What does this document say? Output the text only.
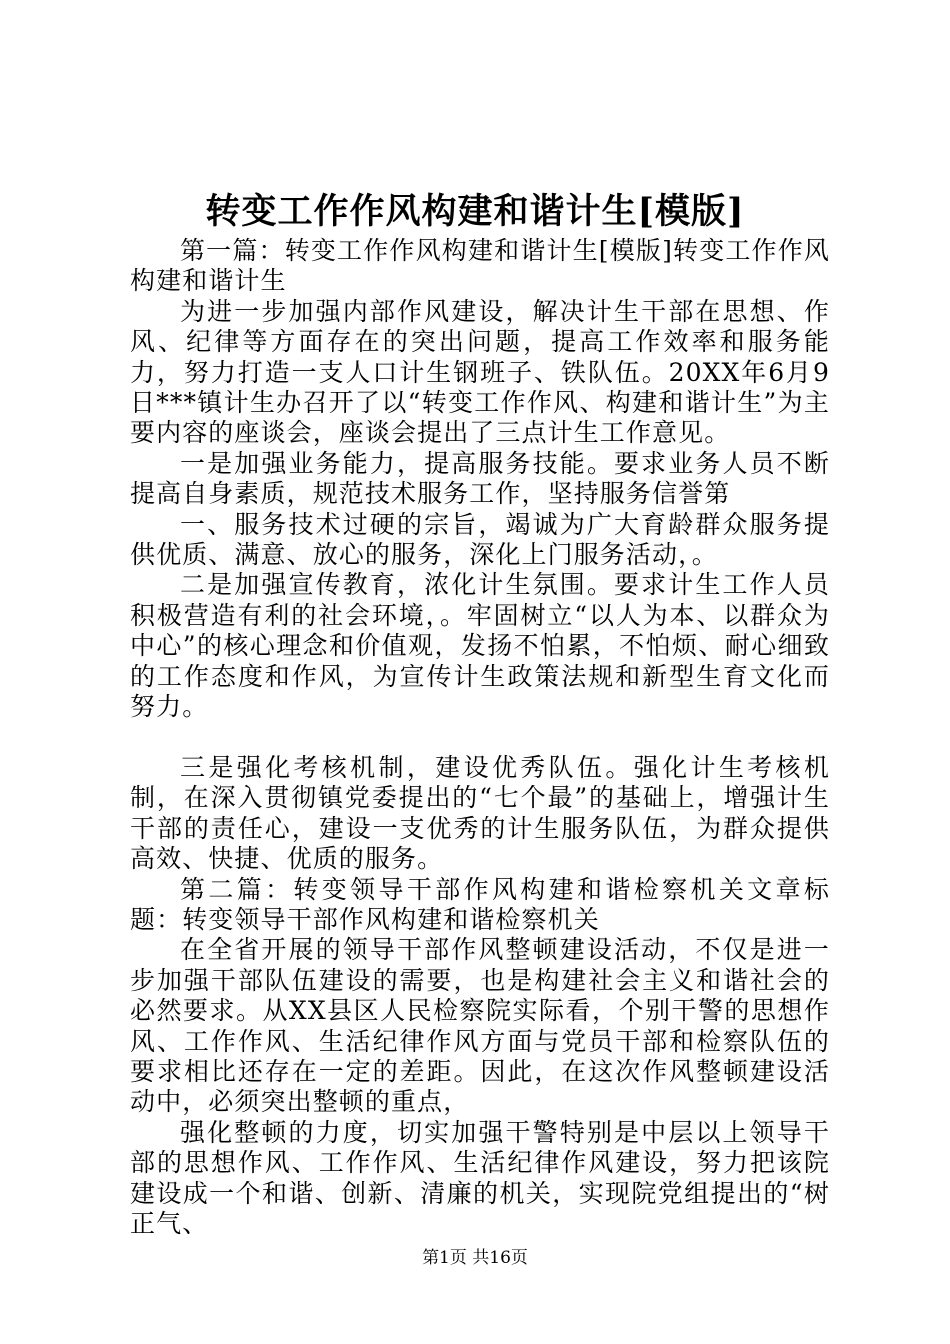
转变工作作风构建和谐计生[模版]

第一篇：转变工作作风构建和谐计生[模版]转变工作作风构建和谐计生

为进一步加强内部作风建设，解决计生干部在思想、作风、纪律等方面存在的突出问题，提高工作效率和服务能力，努力打造一支人口计生钢班子、铁队伍。20XX年6月9日***镇计生办召开了以“转变工作作风、构建和谐计生”为主要内容的座谈会，座谈会提出了三点计生工作意见。

一是加强业务能力，提高服务技能。要求业务人员不断提高自身素质，规范技术服务工作，坚持服务信誉第

一、服务技术过硬的宗旨，竭诚为广大育龄群众服务提供优质、满意、放心的服务，深化上门服务活动，。

二是加强宣传教育，浓化计生氛围。要求计生工作人员积极营造有利的社会环境，。牢固树立“以人为本、以群众为中心”的核心理念和价值观，发扬不怕累，不怕烦、耐心细致的工作态度和作风，为宣传计生政策法规和新型生育文化而努力。

三是强化考核机制，建设优秀队伍。强化计生考核机制，在深入贯彻镇党委提出的“七个最”的基础上，增强计生干部的责任心，建设一支优秀的计生服务队伍，为群众提供高效、快捷、优质的服务。

第二篇：转变领导干部作风构建和谐检察机关文章标题：转变领导干部作风构建和谐检察机关

在全省开展的领导干部作风整顿建设活动，不仅是进一步加强干部队伍建设的需要，也是构建社会主义和谐社会的必然要求。从XX县区人民检察院实际看，个别干警的思想作风、工作作风、生活纪律作风方面与党员干部和检察队伍的要求相比还存在一定的差距。因此，在这次作风整顿建设活动中，必须突出整顿的重点，

强化整顿的力度，切实加强干警特别是中层以上领导干部的思想作风、工作作风、生活纪律作风建设，努力把该院建设成一个和谐、创新、清廉的机关，实现院党组提出的“树正气、

第1页 共16页
